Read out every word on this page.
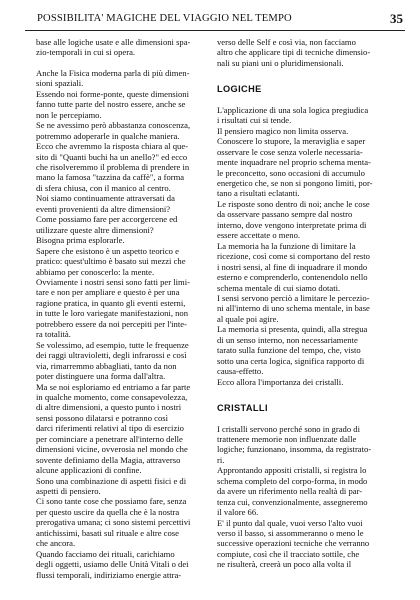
POSSIBILITA' MAGICHE DEL VIAGGIO NEL TEMPO	35

base alle logiche usate e alle dimensioni spa-

zio-temporali in cui si opera.

Anche la Fisica moderna parla di più dimen-

sioni spaziali.

Essendo noi forme-ponte, queste dimensioni

fanno tutte parte del nostro essere, anche se

non le percepiamo.

Se ne avessimo però abbastanza conoscenza,

potremmo adoperarle in qualche maniera.

Ecco che avremmo la risposta chiara al que-

sito di "Quanti buchi ha un anello?" ed ecco

che risolveremmo il problema di prendere in

mano la famosa "tazzina da caffè", a forma

di sfera chiusa, con il manico al centro.

Noi siamo continuamente attraversati da

eventi provenienti da altre dimensioni?

Come possiamo fare per accorgercene ed

utilizzare queste altre dimensioni?

Bisogna prima esplorarle.

Sapere che esistono è un aspetto teorico e

pratico: quest'ultimo è basato sui mezzi che

abbiamo per conoscerlo: la mente.

Ovviamente i nostri sensi sono fatti per limi-

tare e non per ampliare e questo è per una

ragione pratica, in quanto gli eventi esterni,

in tutte le loro variegate manifestazioni, non

potrebbero essere da noi percepiti per l'inte-

ra totalità.

Se volessimo, ad esempio, tutte le frequenze

dei raggi ultravioletti, degli infrarossi e così

via, rimarremmo abbagliati, tanto da non

poter distinguere una forma dall'altra.

Ma se noi esploriamo ed entriamo a far parte

in qualche momento, come consapevolezza,

di altre dimensioni, a questo punto i nostri

sensi possono dilatarsi e potranno così

darci riferimenti relativi al tipo di esercizio

per cominciare a penetrare all'interno delle

dimensioni vicine, ovverosia nel mondo che

sovente definiamo della Magia, attraverso

alcune applicazioni di confine.

Sono una combinazione di aspetti fisici e di

aspetti di pensiero.

Ci sono tante cose che possiamo fare, senza

per questo uscire da quella che è la nostra

prerogativa umana; ci sono sistemi percettivi

antichissimi, basati sul rituale e altre cose

che ancora.

Quando facciamo dei rituali, carichiamo

degli oggetti, usiamo delle Unità Vitali o dei

flussi temporali, indiriziamo energie attra-

verso delle Self e così via, non facciamo

altro che applicare tipi di tecniche dimensio-

nali su piani uni o pluridimensionali.

LOGICHE

L'applicazione di una sola logica pregiudica

i risultati cui si tende.

Il pensiero magico non limita osserva.

Conoscere lo stupore, la meraviglia e saper

osservare le cose senza volerle necessaria-

mente inquadrare nel proprio schema menta-

le preconcetto, sono occasioni di accumulo

energetico che, se non si pongono limiti, por-

tano a risultati eclatanti.

Le risposte sono dentro di noi; anche le cose

da osservare passano sempre dal nostro

interno, dove vengono interpretate prima di

essere accettate o meno.

La memoria ha la funzione di limitare la

ricezione, così come si comportano del resto

i nostri sensi, al fine di inquadrare il mondo

esterno e comprenderlo, contenendolo nello

schema mentale di cui siamo dotati.

I sensi servono perciò a limitare le percezio-

ni all'interno di uno schema mentale, in base

al quale poi agire.

La memoria si presenta, quindi, alla stregua

di un senso interno, non necessariamente

tarato sulla funzione del tempo, che, visto

sotto una certa logica, significa rapporto di

causa-effetto.

Ecco allora l'importanza dei cristalli.

CRISTALLI

I cristalli servono perché sono in grado di

trattenere memorie non influenzate dalle

logiche; funzionano, insomma, da registrato-

ri.

Approntando appositi cristalli, si registra lo

schema completo del corpo-forma, in modo

da avere un riferimento nella realtà di par-

tenza cui, convenzionalmente, assegneremo

il valore 66.

E' il punto dal quale, vuoi verso l'alto vuoi

verso il basso, si assommeranno o meno le

successive operazioni tecniche che verranno

compiute, così che il tracciato sottile, che

ne risulterà, creerà un poco alla volta il
